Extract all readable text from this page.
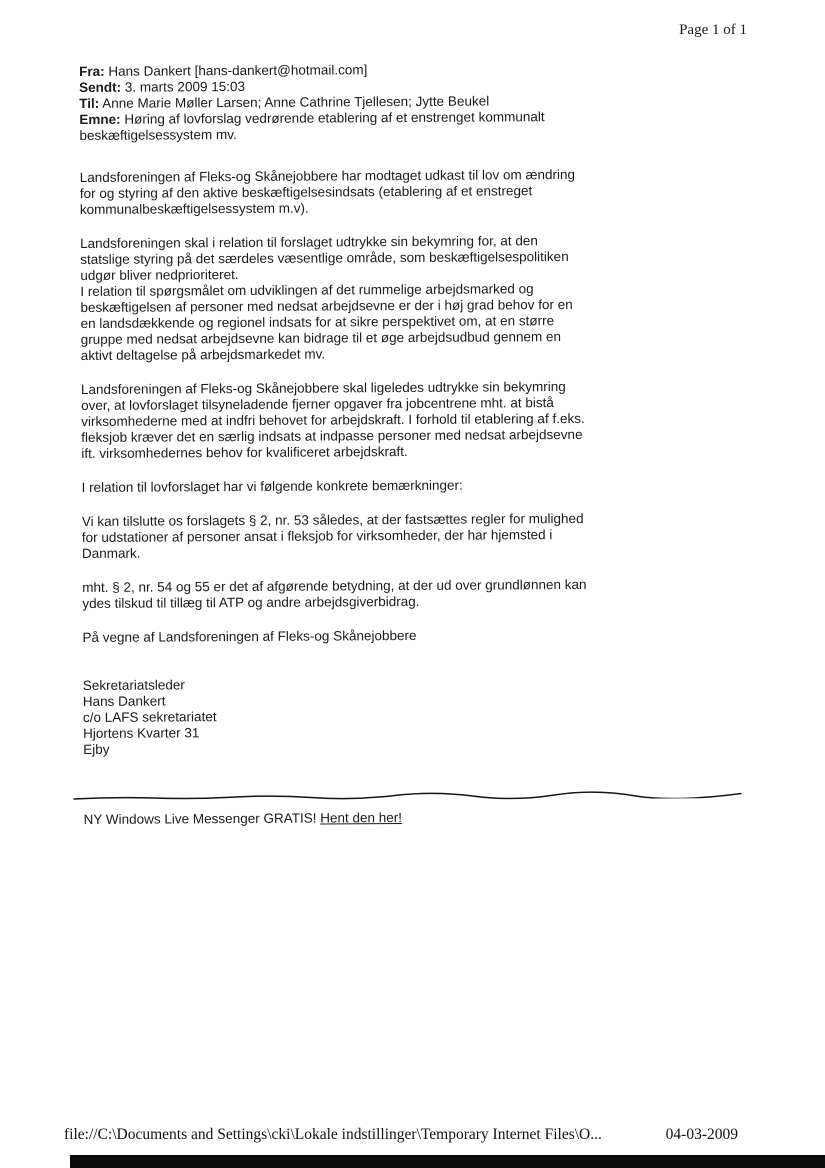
Page 1 of 1
Fra: Hans Dankert [hans-dankert@hotmail.com]
Sendt: 3. marts 2009 15:03
Til: Anne Marie Møller Larsen; Anne Cathrine Tjellesen; Jytte Beukel
Emne: Høring af lovforslag vedrørende etablering af et enstrenget kommunalt beskæftigelsessystem mv.

Landsforeningen af Fleks-og Skånejobbere har modtaget udkast til lov om ændring for og styring af den aktive beskæftigelsesindsats (etablering af et enstreget kommunalbeskæftigelsessystem m.v).

Landsforeningen skal i relation til forslaget udtrykke sin bekymring for, at den statslige styring på det særdeles væsentlige område, som beskæftigelsespolitiken udgør bliver nedprioriteret.
I relation til spørgsmålet om udviklingen af det rummelige arbejdsmarked og beskæftigelsen af personer med nedsat arbejdsevne er der i høj grad behov for en en landsdækkende og regionel indsats for at sikre perspektivet om, at en større gruppe med nedsat arbejdsevne kan bidrage til et øge arbejdsudbud gennem en aktivt deltagelse på arbejdsmarkedet mv.

Landsforeningen af Fleks-og Skånejobbere skal ligeledes udtrykke sin bekymring over, at lovforslaget tilsyneladende fjerner opgaver fra jobcentrene mht. at bistå virksomhederne med at indfri behovet for arbejdskraft. I forhold til etablering af f.eks. fleksjob kræver det en særlig indsats at indpasse personer med nedsat arbejdsevne ift. virksomhedernes behov for kvalificeret arbejdskraft.

I relation til lovforslaget har vi følgende konkrete bemærkninger:

Vi kan tilslutte os forslagets § 2, nr. 53 således, at der fastsættes regler for mulighed for udstationer af personer ansat i fleksjob for virksomheder, der har hjemsted i Danmark.

mht. § 2, nr. 54 og 55 er det af afgørende betydning, at der ud over grundlønnen kan ydes tilskud til tillæg til ATP og andre arbejdsgiverbidrag.

På vegne af Landsforeningen af Fleks-og Skånejobbere

Sekretariatsleder
Hans Dankert
c/o LAFS sekretariatet
Hjortens Kvarter 31
Ejby
NY Windows Live Messenger GRATIS! Hent den her!
file://C:\Documents and Settings\cki\Lokale indstillinger\Temporary Internet Files\O...	04-03-2009
